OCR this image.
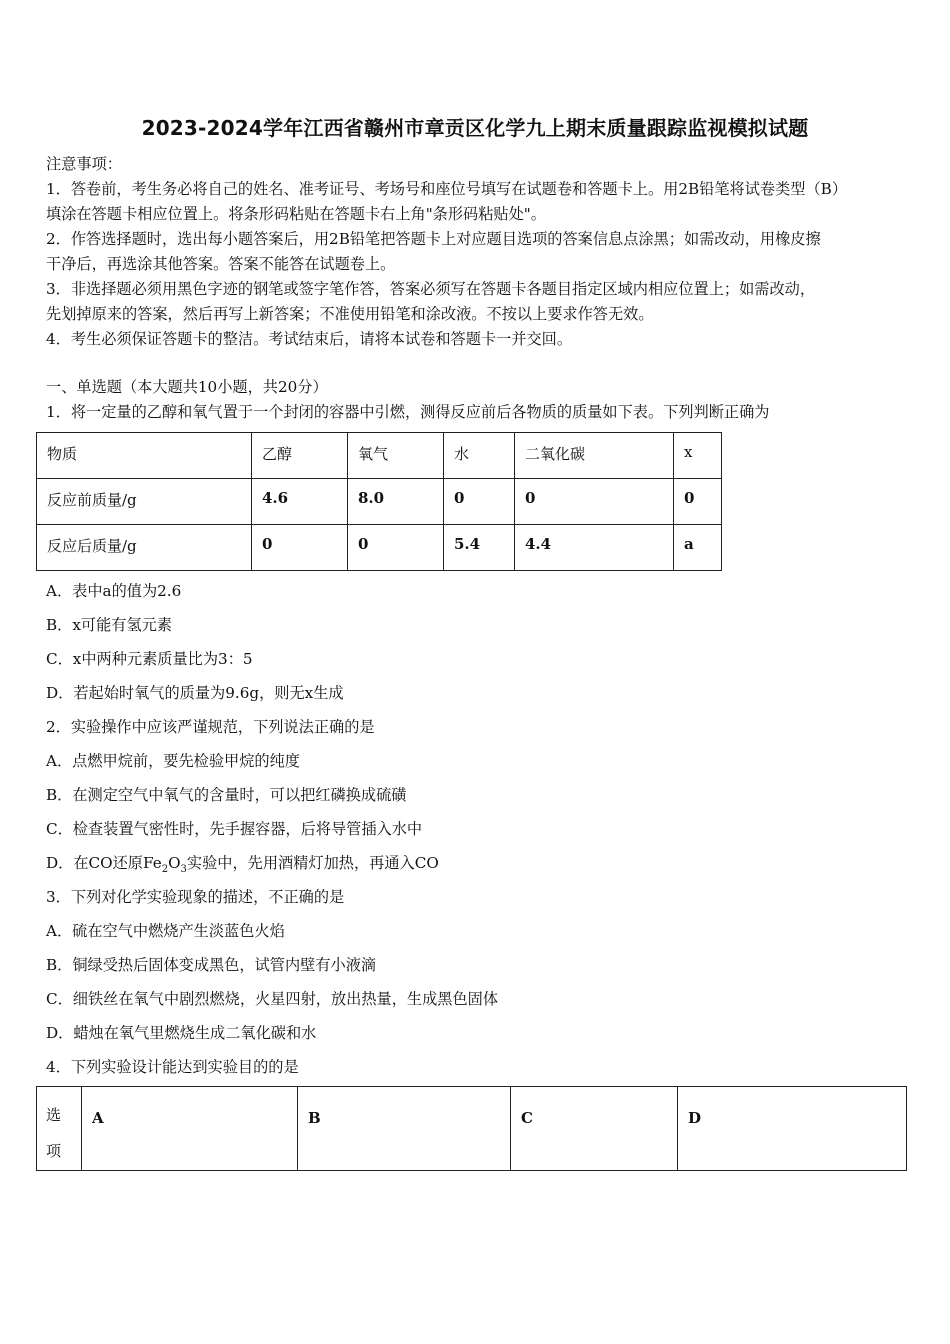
2023-2024学年江西省赣州市章贡区化学九上期末质量跟踪监视模拟试题
注意事项：
1．答卷前，考生务必将自己的姓名、准考证号、考场号和座位号填写在试题卷和答题卡上。用2B铅笔将试卷类型（B）
填涂在答题卡相应位置上。将条形码粘贴在答题卡右上角"条形码粘贴处"。
2．作答选择题时，选出每小题答案后，用2B铅笔把答题卡上对应题目选项的答案信息点涂黑；如需改动，用橡皮擦
干净后，再选涂其他答案。答案不能答在试题卷上。
3．非选择题必须用黑色字迹的钢笔或签字笔作答，答案必须写在答题卡各题目指定区域内相应位置上；如需改动，
先划掉原来的答案，然后再写上新答案；不准使用铅笔和涂改液。不按以上要求作答无效。
4．考生必须保证答题卡的整洁。考试结束后，请将本试卷和答题卡一并交回。
一、单选题（本大题共10小题，共20分）
1．将一定量的乙醇和氧气置于一个封闭的容器中引燃，测得反应前后各物质的质量如下表。下列判断正确为
物质	乙醇	氧气	水	二氧化碳	x
反应前质量/g	4.6	8.0	0	0	0
反应后质量/g	0	0	5.4	4.4	a
A．表中a的值为2.6
B．x可能有氢元素
C．x中两种元素质量比为3：5
D．若起始时氧气的质量为9.6g，则无x生成
2．实验操作中应该严谨规范，下列说法正确的是
A．点燃甲烷前，要先检验甲烷的纯度
B．在测定空气中氧气的含量时，可以把红磷换成硫磺
C．检查装置气密性时，先手握容器，后将导管插入水中
D．在CO还原$Fe_2O_3$实验中，先用酒精灯加热，再通入CO
3．下列对化学实验现象的描述，不正确的是
A．硫在空气中燃烧产生淡蓝色火焰
B．铜绿受热后固体变成黑色，试管内壁有小液滴
C．细铁丝在氧气中剧烈燃烧，火星四射，放出热量，生成黑色固体
D．蜡烛在氧气里燃烧生成二氧化碳和水
4．下列实验设计能达到实验目的的是
选
项
	A	B	C	D
